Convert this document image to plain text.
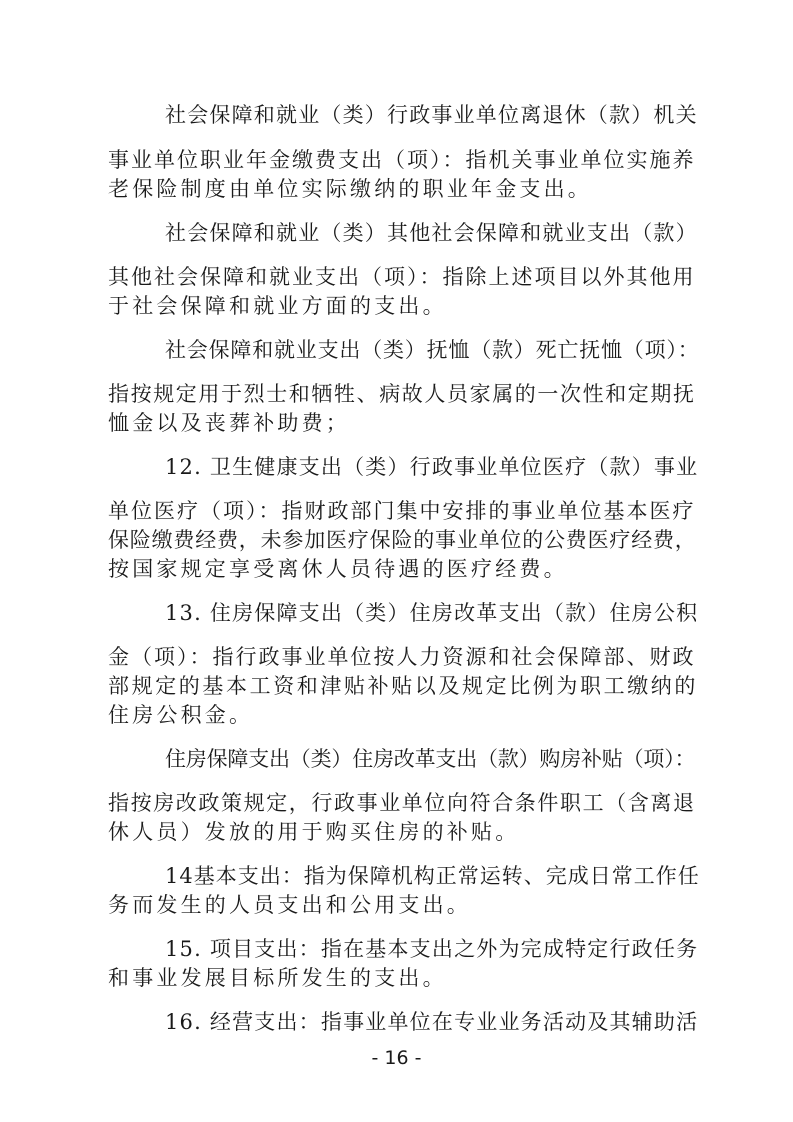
社会保障和就业（类）行政事业单位离退休（款）机关
事业单位职业年金缴费支出（项）：指机关事业单位实施养
老保险制度由单位实际缴纳的职业年金支出。
社会保障和就业（类）其他社会保障和就业支出（款）
其他社会保障和就业支出（项）：指除上述项目以外其他用
于社会保障和就业方面的支出。
社会保障和就业支出（类）抚恤（款）死亡抚恤（项）：
指按规定用于烈士和牺牲、病故人员家属的一次性和定期抚
恤金以及丧葬补助费；
12. 卫生健康支出（类）行政事业单位医疗（款）事业
单位医疗（项）：指财政部门集中安排的事业单位基本医疗
保险缴费经费，未参加医疗保险的事业单位的公费医疗经费，
按国家规定享受离休人员待遇的医疗经费。
13. 住房保障支出（类）住房改革支出（款）住房公积
金（项）：指行政事业单位按人力资源和社会保障部、财政
部规定的基本工资和津贴补贴以及规定比例为职工缴纳的
住房公积金。
住房保障支出（类）住房改革支出（款）购房补贴（项）：
指按房改政策规定，行政事业单位向符合条件职工（含离退
休人员）发放的用于购买住房的补贴。
14基本支出：指为保障机构正常运转、完成日常工作任
务而发生的人员支出和公用支出。
15. 项目支出：指在基本支出之外为完成特定行政任务
和事业发展目标所发生的支出。
16. 经营支出：指事业单位在专业业务活动及其辅助活
- 16 -
